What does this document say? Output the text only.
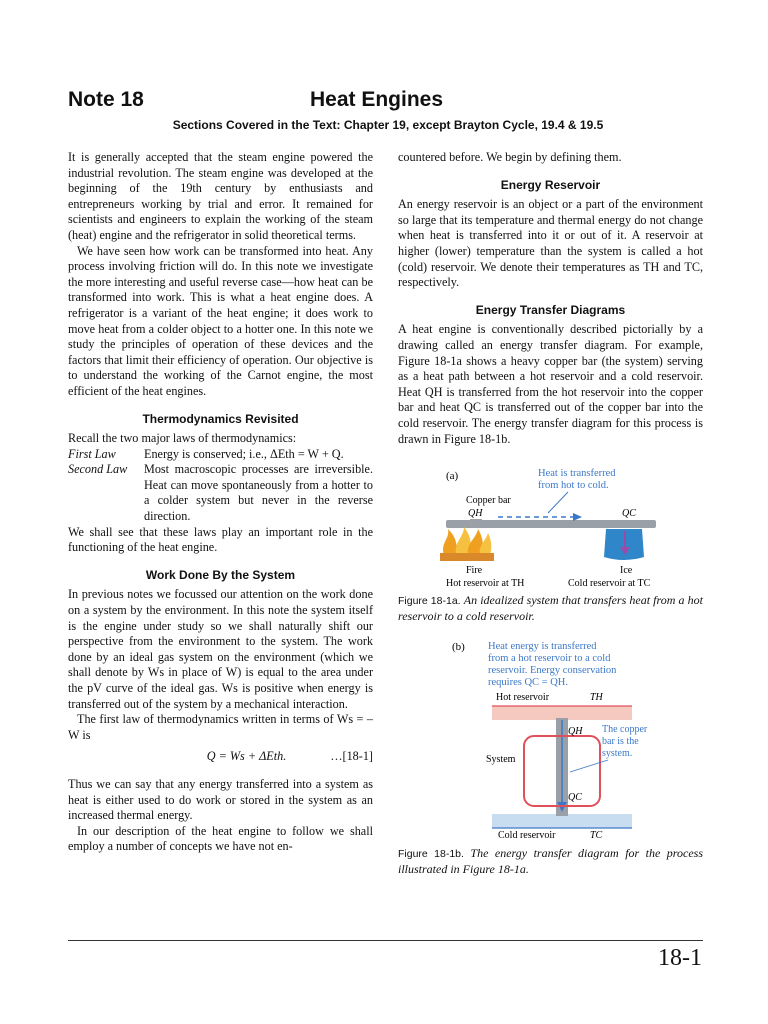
Note 18	Heat Engines
Sections Covered in the Text: Chapter 19, except Brayton Cycle, 19.4 & 19.5

It is generally accepted that the steam engine powered the industrial revolution. The steam engine was developed at the beginning of the 19th century by enthusiasts and entrepreneurs working by trial and error. It remained for scientists and engineers to explain the working of the steam (heat) engine and the refrigerator in solid theoretical terms.

We have seen how work can be transformed into heat. Any process involving friction will do. In this note we investigate the more interesting and useful reverse case—how heat can be transformed into work. This is what a heat engine does. A refrigerator is a variant of the heat engine; it does work to move heat from a colder object to a hotter one. In this note we study the principles of operation of these devices and the factors that limit their efficiency of operation. Our objective is to understand the working of the Carnot engine, the most efficient of the heat engines.

Thermodynamics Revisited

Recall the two major laws of thermodynamics:

First Law	Energy is conserved; i.e., ΔEth = W + Q.
Second Law	Most macroscopic processes are irreversible. Heat can move spontaneously from a hotter to a colder system but never in the reverse direction.

We shall see that these laws play an important role in the functioning of the heat engine.

Work Done By the System

In previous notes we focussed our attention on the work done on a system by the environment. In this note the system itself is the engine under study so we shall naturally shift our perspective from the environment to the system. The work done by an ideal gas system on the environment (which we shall denote by Ws in place of W) is equal to the area under the pV curve of the ideal gas. Ws is positive when energy is transferred out of the system by a mechanical interaction.

The first law of thermodynamics written in terms of Ws = – W is

Q = Ws + ΔEth.	…[18-1]

Thus we can say that any energy transferred into a system as heat is either used to do work or stored in the system as an increased thermal energy.

In our description of the heat engine to follow we shall employ a number of concepts we have not en-

countered before. We begin by defining them.

Energy Reservoir

An energy reservoir is an object or a part of the environment so large that its temperature and thermal energy do not change when heat is transferred into it or out of it. A reservoir at higher (lower) temperature than the system is called a hot (cold) reservoir. We denote their temperatures as TH and TC, respectively.

Energy Transfer Diagrams

A heat engine is conventionally described pictorially by a drawing called an energy transfer diagram. For example, Figure 18-1a shows a heavy copper bar (the system) serving as a heat path between a hot reservoir and a cold reservoir. Heat QH is transferred from the hot reservoir into the copper bar and heat QC is transferred out of the copper bar into the cold reservoir. The energy transfer diagram for this process is drawn in Figure 18-1b.

(a)	Heat is transferred
from hot to cold.
Copper bar
QH	QC
Fire	Ice
Hot reservoir at TH	Cold reservoir at TC
Figure 18-1a. An idealized system that transfers heat from a hot reservoir to a cold reservoir.
(b) Heat energy is transferred
from a hot reservoir to a cold
reservoir. Energy conservation
requires QC = QH.
Hot reservoir	TH
Cold reservoir	TC
QH
QC
System
The copper
bar is the
system.
Figure 18-1b. The energy transfer diagram for the process illustrated in Figure 18-1a.
18-1
